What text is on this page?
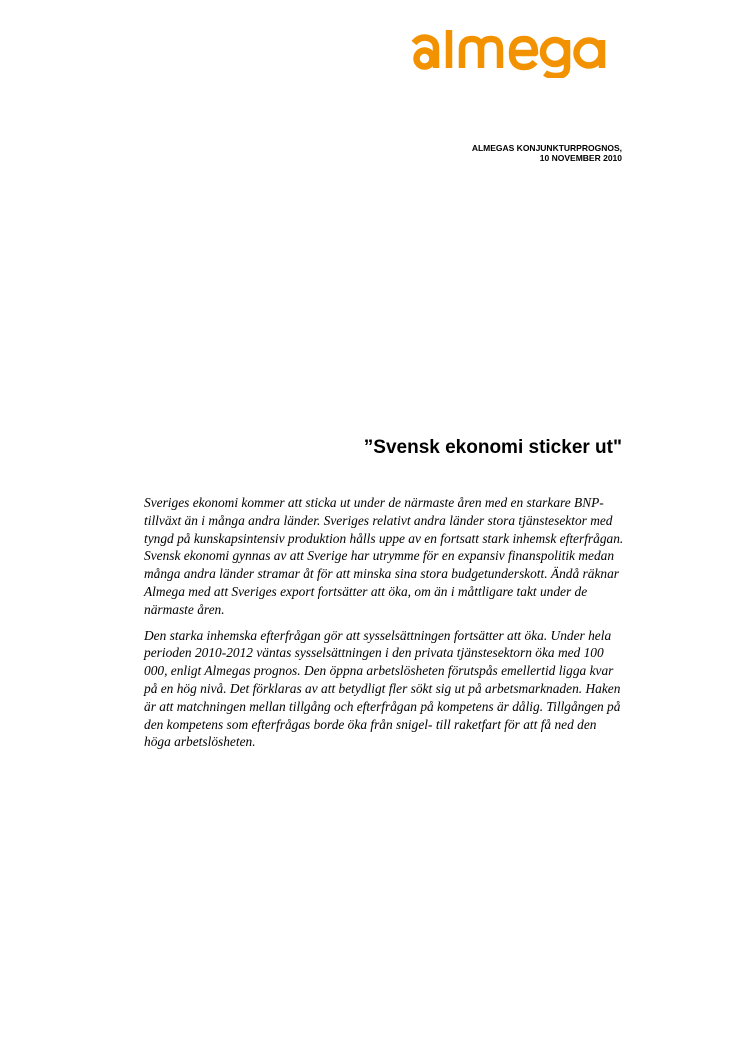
ALMEGAS KONJUNKTURPROGNOS,
10 NOVEMBER 2010
”Svensk ekonomi sticker ut"

Sveriges ekonomi kommer att sticka ut under de närmaste åren med en starkare BNP-tillväxt än i många andra länder. Sveriges relativt andra länder stora tjänstesektor med tyngd på kunskapsintensiv produktion hålls uppe av en fortsatt stark inhemsk efterfrågan. Svensk ekonomi gynnas av att Sverige har utrymme för en expansiv finanspolitik medan många andra länder stramar åt för att minska sina stora budgetunderskott. Ändå räknar Almega med att Sveriges export fortsätter att öka, om än i måttligare takt under de närmaste åren.

Den starka inhemska efterfrågan gör att sysselsättningen fortsätter att öka. Under hela perioden 2010-2012 väntas sysselsättningen i den privata tjänstesektorn öka med 100 000, enligt Almegas prognos. Den öppna arbetslösheten förutspås emellertid ligga kvar på en hög nivå. Det förklaras av att betydligt fler sökt sig ut på arbetsmarknaden. Haken är att matchningen mellan tillgång och efterfrågan på kompetens är dålig. Tillgången på den kompetens som efterfrågas borde öka från snigel- till raketfart för att få ned den höga arbetslösheten.
